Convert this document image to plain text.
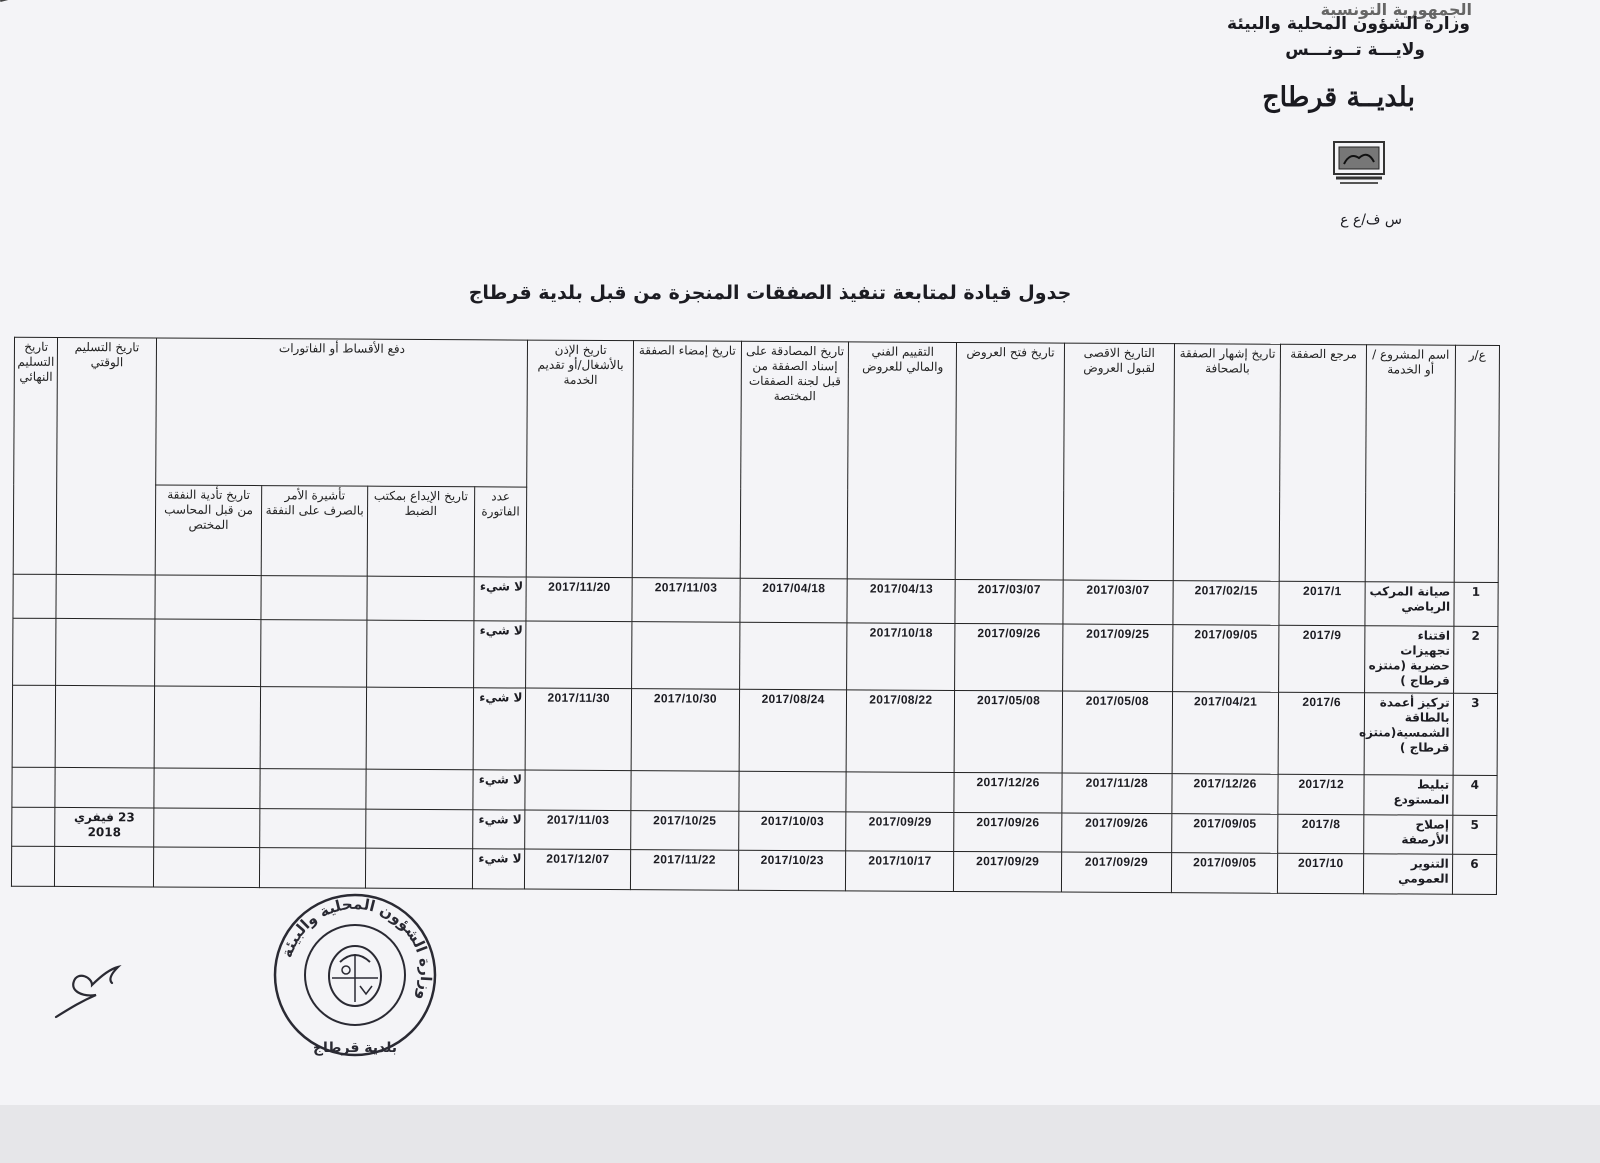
الجمهورية التونسية
وزارة الشؤون المحلية والبيئة
ولايـــة تــونـــس
بلديــة قرطاج
س ف/ع ع
جدول قيادة لمتابعة تنفيذ الصفقات المنجزة من قبل بلدية قرطاج
ع/ر	اسم المشروع /أو الخدمة	مرجع الصفقة	تاريخ إشهار الصفقة بالصحافة	التاريخ الاقصى لقبول العروض	تاريخ فتح العروض	التقييم الفني والمالي للعروض	تاريخ المصادقة على إسناد الصفقة من قبل لجنة الصفقات المختصة	تاريخ إمضاء الصفقة	تاريخ الإذن بالأشغال/أو تقديم الخدمة	دفع الأقساط أو الفاتورات				تاريخ التسليم الوقتي	تاريخ التسليم النهائي
										عدد الفاتورة	تاريخ الإيداع بمكتب الضبط	تأشيرة الأمر بالصرف على النفقة	تاريخ تأدية النفقة من قبل المحاسب المختص		
1	صيانة المركب الرياضي	2017/1	2017/02/15	2017/03/07	2017/03/07	2017/04/13	2017/04/18	2017/11/03	2017/11/20	لا شيء					
2	اقتناء تجهيزات حضرية (منتزه قرطاج )	2017/9	2017/09/05	2017/09/25	2017/09/26	2017/10/18				لا شيء					
3	تركيز أعمدة بالطاقة الشمسية(منتزه قرطاج )	2017/6	2017/04/21	2017/05/08	2017/05/08	2017/08/22	2017/08/24	2017/10/30	2017/11/30	لا شيء					
4	تبليط المستودع	2017/12	2017/12/26	2017/11/28	2017/12/26					لا شيء					
5	إصلاح الأرصفة	2017/8	2017/09/05	2017/09/26	2017/09/26	2017/09/29	2017/10/03	2017/10/25	2017/11/03	لا شيء				23 فيفري 2018	
6	التنوير العمومي	2017/10	2017/09/05	2017/09/29	2017/09/29	2017/10/17	2017/10/23	2017/11/22	2017/12/07	لا شيء					
وزارة الشؤون المحلية والبيئة
بلدية قرطاج
